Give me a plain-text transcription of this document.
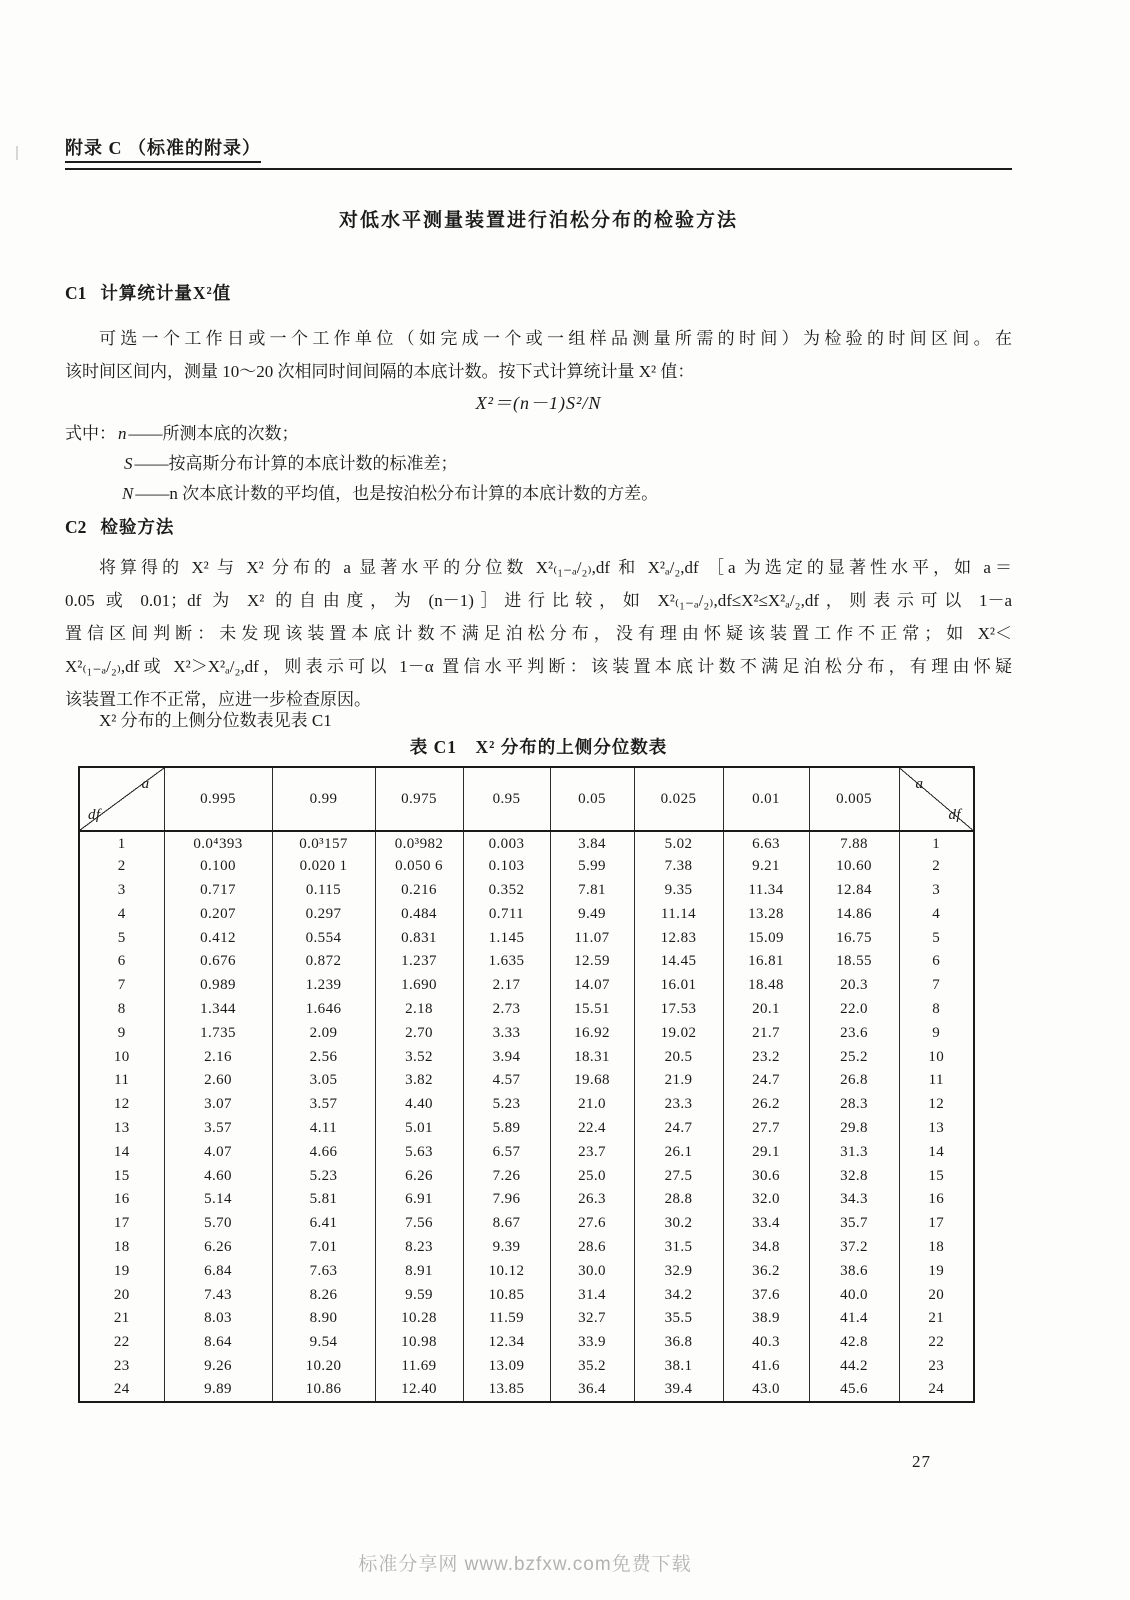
附录 C （标准的附录）
对低水平测量装置进行泊松分布的检验方法
C1 计算统计量X²值
可选一个工作日或一个工作单位（如完成一个或一组样品测量所需的时间）为检验的时间区间。在
该时间区间内，测量 10～20 次相同时间间隔的本底计数。按下式计算统计量 X² 值：
X²＝(n－1)S²/N
式中： n ——所测本底的次数；
S ——按高斯分布计算的本底计数的标准差；
N ——n 次本底计数的平均值，也是按泊松分布计算的本底计数的方差。
C2 检验方法
将算得的 X² 与 X² 分布的 a 显著水平的分位数 X²₍₁₋ₐ/₂₎,df 和 X²ₐ/₂,df ［a 为选定的显著性水平，如 a＝
0.05 或 0.01；df 为 X² 的自由度，为 (n－1)］进行比较，如 X²₍₁₋ₐ/₂₎,df≤X²≤X²ₐ/₂,df，则表示可以 1－a
置信区间判断：未发现该装置本底计数不满足泊松分布，没有理由怀疑该装置工作不正常；如 X²＜
X²₍₁₋ₐ/₂₎,df或 X²＞X²ₐ/₂,df，则表示可以 1－α 置信水平判断：该装置本底计数不满足泊松分布，有理由怀疑
该装置工作不正常，应进一步检查原因。
X² 分布的上侧分位数表见表 C1
表 C1　X² 分布的上侧分位数表
a
df	0.995	0.99	0.975	0.95	0.05	0.025	0.01	0.005	a
df

1	0.0⁴393	0.0³157	0.0³982	0.003	3.84	5.02	6.63	7.88	1
2	0.100	0.020 1	0.050 6	0.103	5.99	7.38	9.21	10.60	2
3	0.717	0.115	0.216	0.352	7.81	9.35	11.34	12.84	3
4	0.207	0.297	0.484	0.711	9.49	11.14	13.28	14.86	4
5	0.412	0.554	0.831	1.145	11.07	12.83	15.09	16.75	5
6	0.676	0.872	1.237	1.635	12.59	14.45	16.81	18.55	6
7	0.989	1.239	1.690	2.17	14.07	16.01	18.48	20.3	7
8	1.344	1.646	2.18	2.73	15.51	17.53	20.1	22.0	8
9	1.735	2.09	2.70	3.33	16.92	19.02	21.7	23.6	9
10	2.16	2.56	3.52	3.94	18.31	20.5	23.2	25.2	10
11	2.60	3.05	3.82	4.57	19.68	21.9	24.7	26.8	11
12	3.07	3.57	4.40	5.23	21.0	23.3	26.2	28.3	12
13	3.57	4.11	5.01	5.89	22.4	24.7	27.7	29.8	13
14	4.07	4.66	5.63	6.57	23.7	26.1	29.1	31.3	14
15	4.60	5.23	6.26	7.26	25.0	27.5	30.6	32.8	15
16	5.14	5.81	6.91	7.96	26.3	28.8	32.0	34.3	16
17	5.70	6.41	7.56	8.67	27.6	30.2	33.4	35.7	17
18	6.26	7.01	8.23	9.39	28.6	31.5	34.8	37.2	18
19	6.84	7.63	8.91	10.12	30.0	32.9	36.2	38.6	19
20	7.43	8.26	9.59	10.85	31.4	34.2	37.6	40.0	20
21	8.03	8.90	10.28	11.59	32.7	35.5	38.9	41.4	21
22	8.64	9.54	10.98	12.34	33.9	36.8	40.3	42.8	22
23	9.26	10.20	11.69	13.09	35.2	38.1	41.6	44.2	23
24	9.89	10.86	12.40	13.85	36.4	39.4	43.0	45.6	24
27
标准分享网 www.bzfxw.com免费下载
